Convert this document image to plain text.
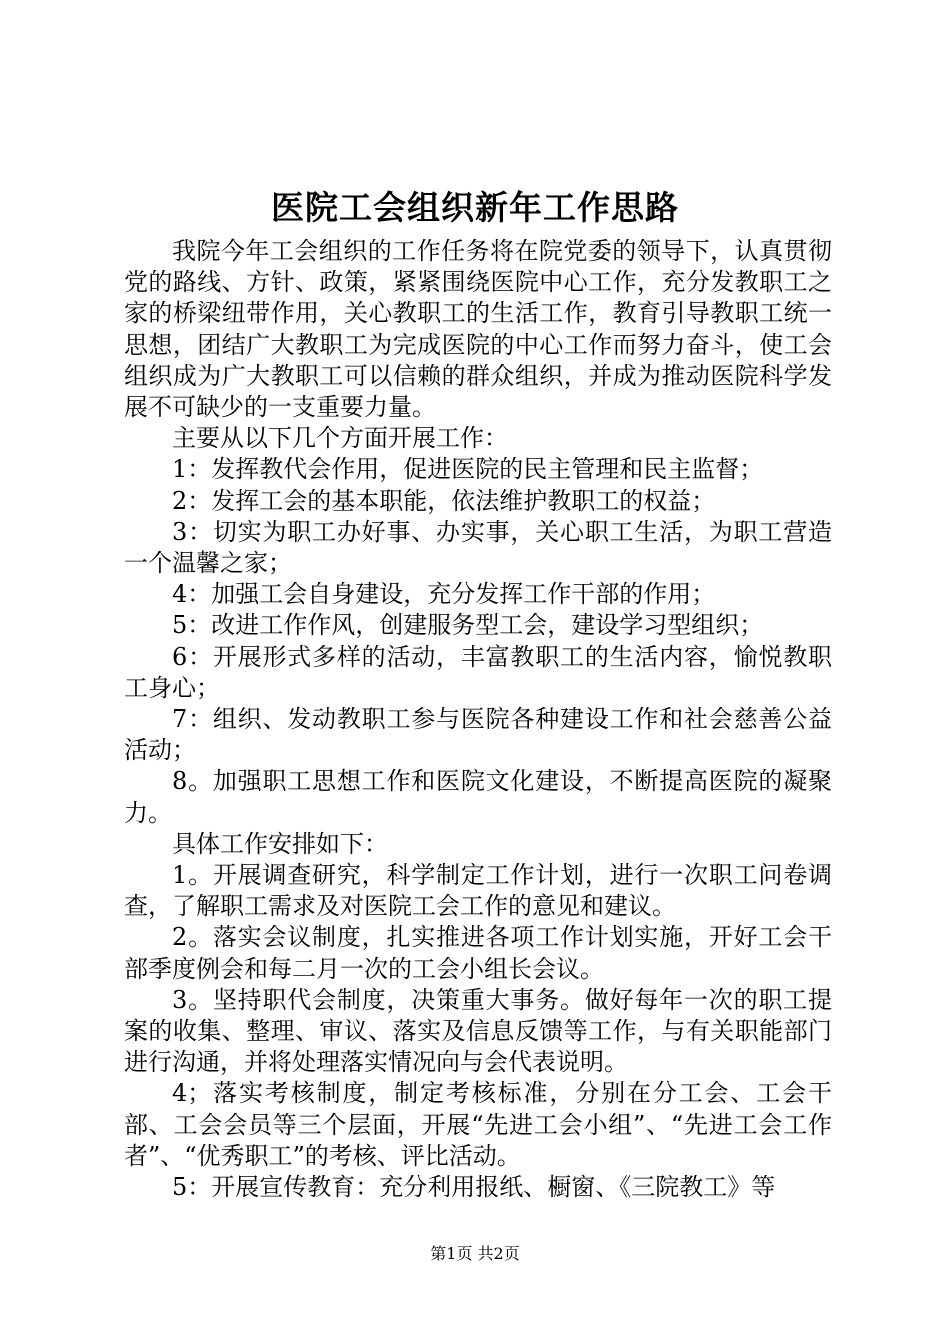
医院工会组织新年工作思路

我院今年工会组织的工作任务将在院党委的领导下，认真贯彻党的路线、方针、政策，紧紧围绕医院中心工作，充分发教职工之家的桥梁纽带作用，关心教职工的生活工作，教育引导教职工统一思想，团结广大教职工为完成医院的中心工作而努力奋斗，使工会组织成为广大教职工可以信赖的群众组织，并成为推动医院科学发展不可缺少的一支重要力量。

主要从以下几个方面开展工作：

1：发挥教代会作用，促进医院的民主管理和民主监督；

2：发挥工会的基本职能，依法维护教职工的权益；

3：切实为职工办好事、办实事，关心职工生活，为职工营造一个温馨之家；

4：加强工会自身建设，充分发挥工作干部的作用；

5：改进工作作风，创建服务型工会，建设学习型组织；

6：开展形式多样的活动，丰富教职工的生活内容，愉悦教职工身心；

7：组织、发动教职工参与医院各种建设工作和社会慈善公益活动；

8。加强职工思想工作和医院文化建设，不断提高医院的凝聚力。

具体工作安排如下：

1。开展调查研究，科学制定工作计划，进行一次职工问卷调查，了解职工需求及对医院工会工作的意见和建议。

2。落实会议制度，扎实推进各项工作计划实施，开好工会干部季度例会和每二月一次的工会小组长会议。

3。坚持职代会制度，决策重大事务。做好每年一次的职工提案的收集、整理、审议、落实及信息反馈等工作，与有关职能部门进行沟通，并将处理落实情况向与会代表说明。

4；落实考核制度，制定考核标准，分别在分工会、工会干部、工会会员等三个层面，开展“先进工会小组”、“先进工会工作者”、“优秀职工”的考核、评比活动。

5：开展宣传教育：充分利用报纸、橱窗、《三院教工》等

第1页 共2页
